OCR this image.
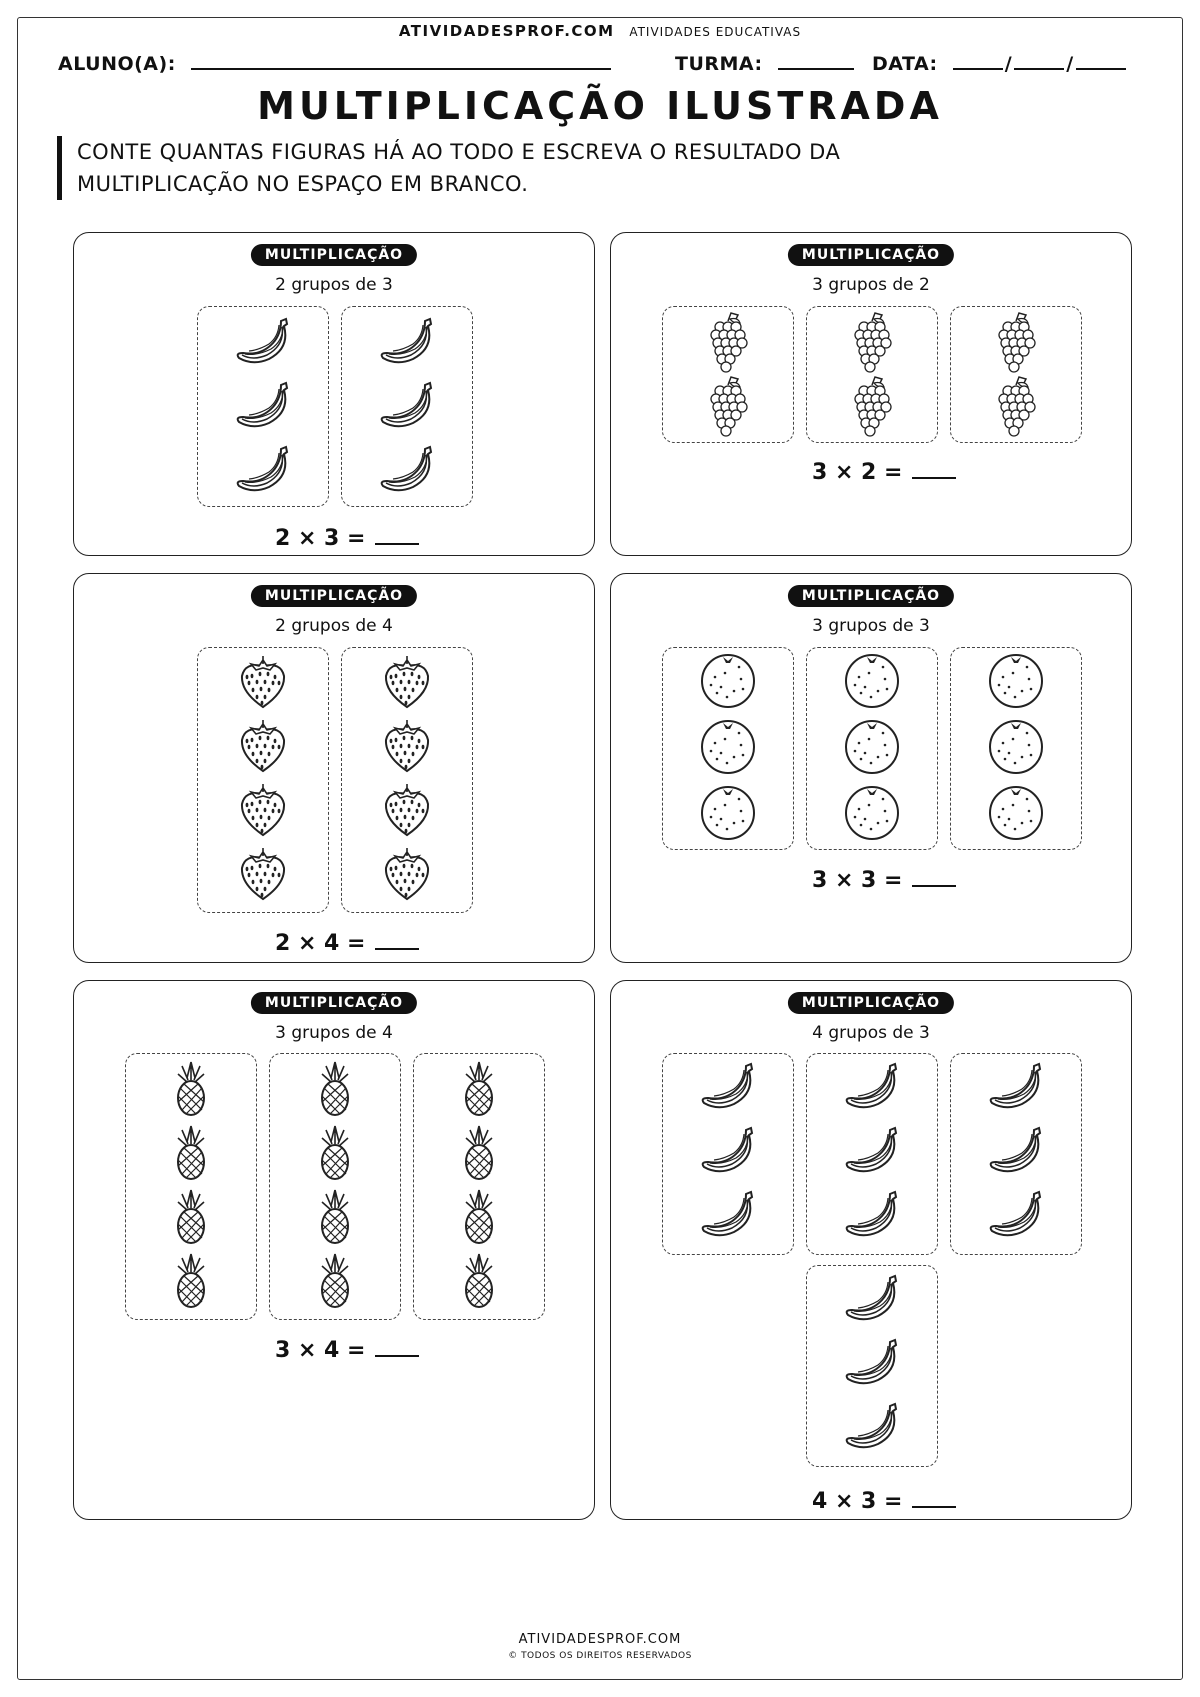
ATIVIDADESPROF.COM ATIVIDADES EDUCATIVAS
ALUNO(A):	TURMA:	DATA:	/	/
MULTIPLICAÇÃO ILUSTRADA
CONTE QUANTAS FIGURAS HÁ AO TODO E ESCREVA O RESULTADO DA
MULTIPLICAÇÃO NO ESPAÇO EM BRANCO.
MULTIPLICAÇÃO
2 grupos de 3
2 × 3 =
MULTIPLICAÇÃO
3 grupos de 2
3 × 2 =
MULTIPLICAÇÃO
2 grupos de 4
2 × 4 =
MULTIPLICAÇÃO
3 grupos de 3
3 × 3 =
MULTIPLICAÇÃO
3 grupos de 4
3 × 4 =
MULTIPLICAÇÃO
4 grupos de 3
4 × 3 =
ATIVIDADESPROF.COM
© TODOS OS DIREITOS RESERVADOS
